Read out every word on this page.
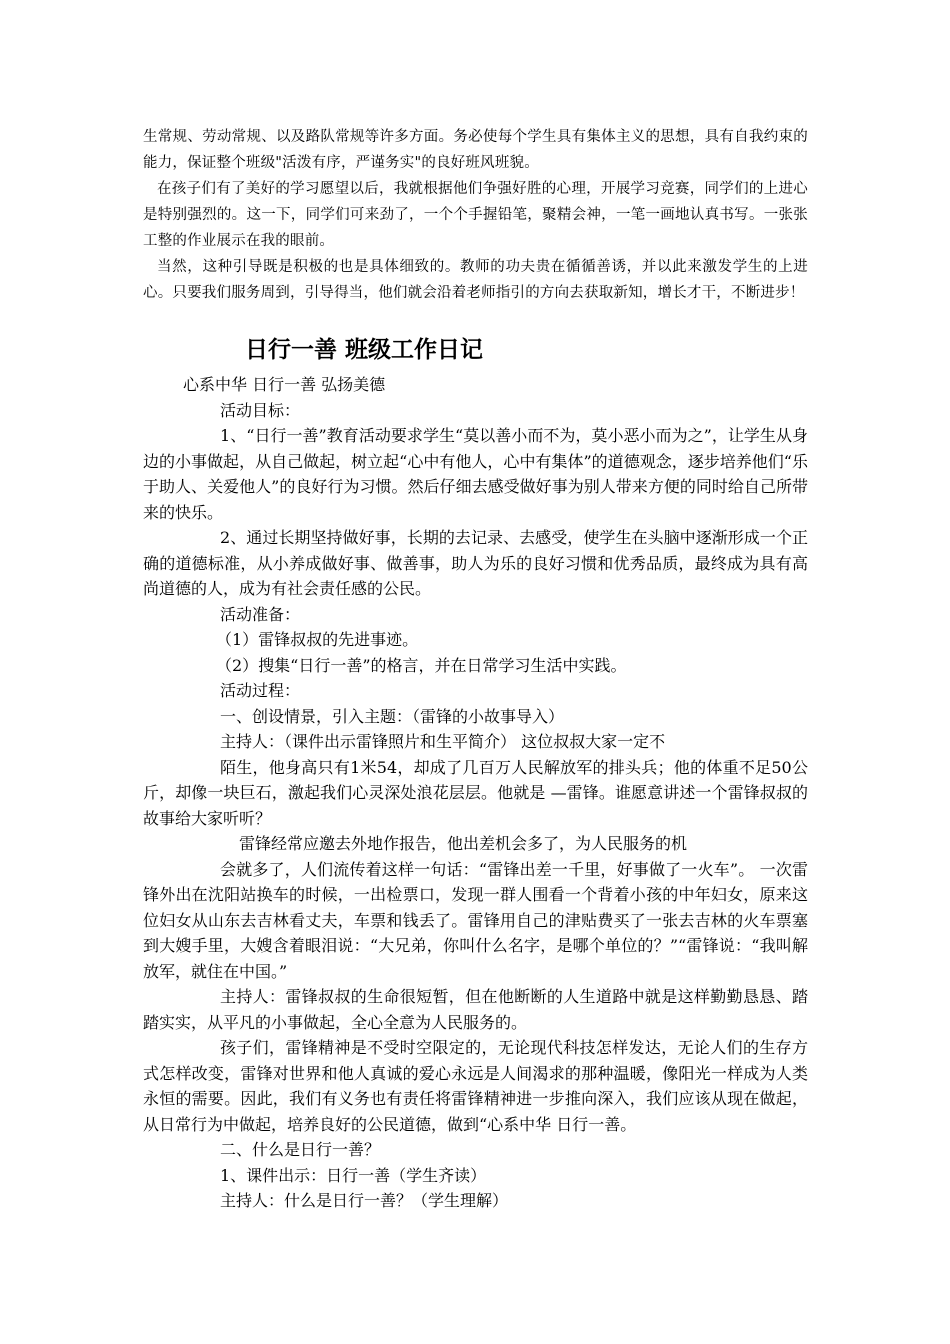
生常规、劳动常规、以及路队常规等许多方面。务必使每个学生具有集体主义的思想，具有自我约束的能力，保证整个班级"活泼有序，严谨务实"的良好班风班貌。

在孩子们有了美好的学习愿望以后，我就根据他们争强好胜的心理，开展学习竞赛，同学们的上进心是特别强烈的。这一下，同学们可来劲了，一个个手握铅笔，聚精会神，一笔一画地认真书写。一张张工整的作业展示在我的眼前。

当然，这种引导既是积极的也是具体细致的。教师的功夫贵在循循善诱，并以此来激发学生的上进心。只要我们服务周到，引导得当，他们就会沿着老师指引的方向去获取新知，增长才干，不断进步！

日行一善 班级工作日记

心系中华 日行一善 弘扬美德

活动目标：

1、“日行一善”教育活动要求学生“莫以善小而不为，莫小恶小而为之”，让学生从身边的小事做起，从自己做起，树立起“心中有他人，心中有集体”的道德观念，逐步培养他们“乐于助人、关爱他人”的良好行为习惯。然后仔细去感受做好事为别人带来方便的同时给自己所带来的快乐。

2、通过长期坚持做好事，长期的去记录、去感受，使学生在头脑中逐渐形成一个正确的道德标准，从小养成做好事、做善事，助人为乐的良好习惯和优秀品质，最终成为具有高尚道德的人，成为有社会责任感的公民。

活动准备：

（1）雷锋叔叔的先进事迹。

（2）搜集“日行一善”的格言，并在日常学习生活中实践。

活动过程：

一、创设情景，引入主题：（雷锋的小故事导入）

主持人：（课件出示雷锋照片和生平简介） 这位叔叔大家一定不

陌生，他身高只有1米54，却成了几百万人民解放军的排头兵；他的体重不足50公斤，却像一块巨石，激起我们心灵深处浪花层层。他就是 —雷锋。谁愿意讲述一个雷锋叔叔的故事给大家听听？

雷锋经常应邀去外地作报告，他出差机会多了，为人民服务的机

会就多了，人们流传着这样一句话：“雷锋出差一千里，好事做了一火车”。 一次雷锋外出在沈阳站换车的时候，一出检票口，发现一群人围看一个背着小孩的中年妇女，原来这位妇女从山东去吉林看丈夫，车票和钱丢了。雷锋用自己的津贴费买了一张去吉林的火车票塞到大嫂手里，大嫂含着眼泪说：“大兄弟，你叫什么名字，是哪个单位的？”“雷锋说：“我叫解放军，就住在中国。”

主持人：雷锋叔叔的生命很短暂，但在他断断的人生道路中就是这样勤勤恳恳、踏踏实实，从平凡的小事做起，全心全意为人民服务的。

孩子们，雷锋精神是不受时空限定的，无论现代科技怎样发达，无论人们的生存方式怎样改变，雷锋对世界和他人真诚的爱心永远是人间渴求的那种温暖，像阳光一样成为人类永恒的需要。因此，我们有义务也有责任将雷锋精神进一步推向深入，我们应该从现在做起，从日常行为中做起，培养良好的公民道德，做到“心系中华 日行一善。

二、什么是日行一善？

1、课件出示：日行一善（学生齐读）

主持人：什么是日行一善？（学生理解）
